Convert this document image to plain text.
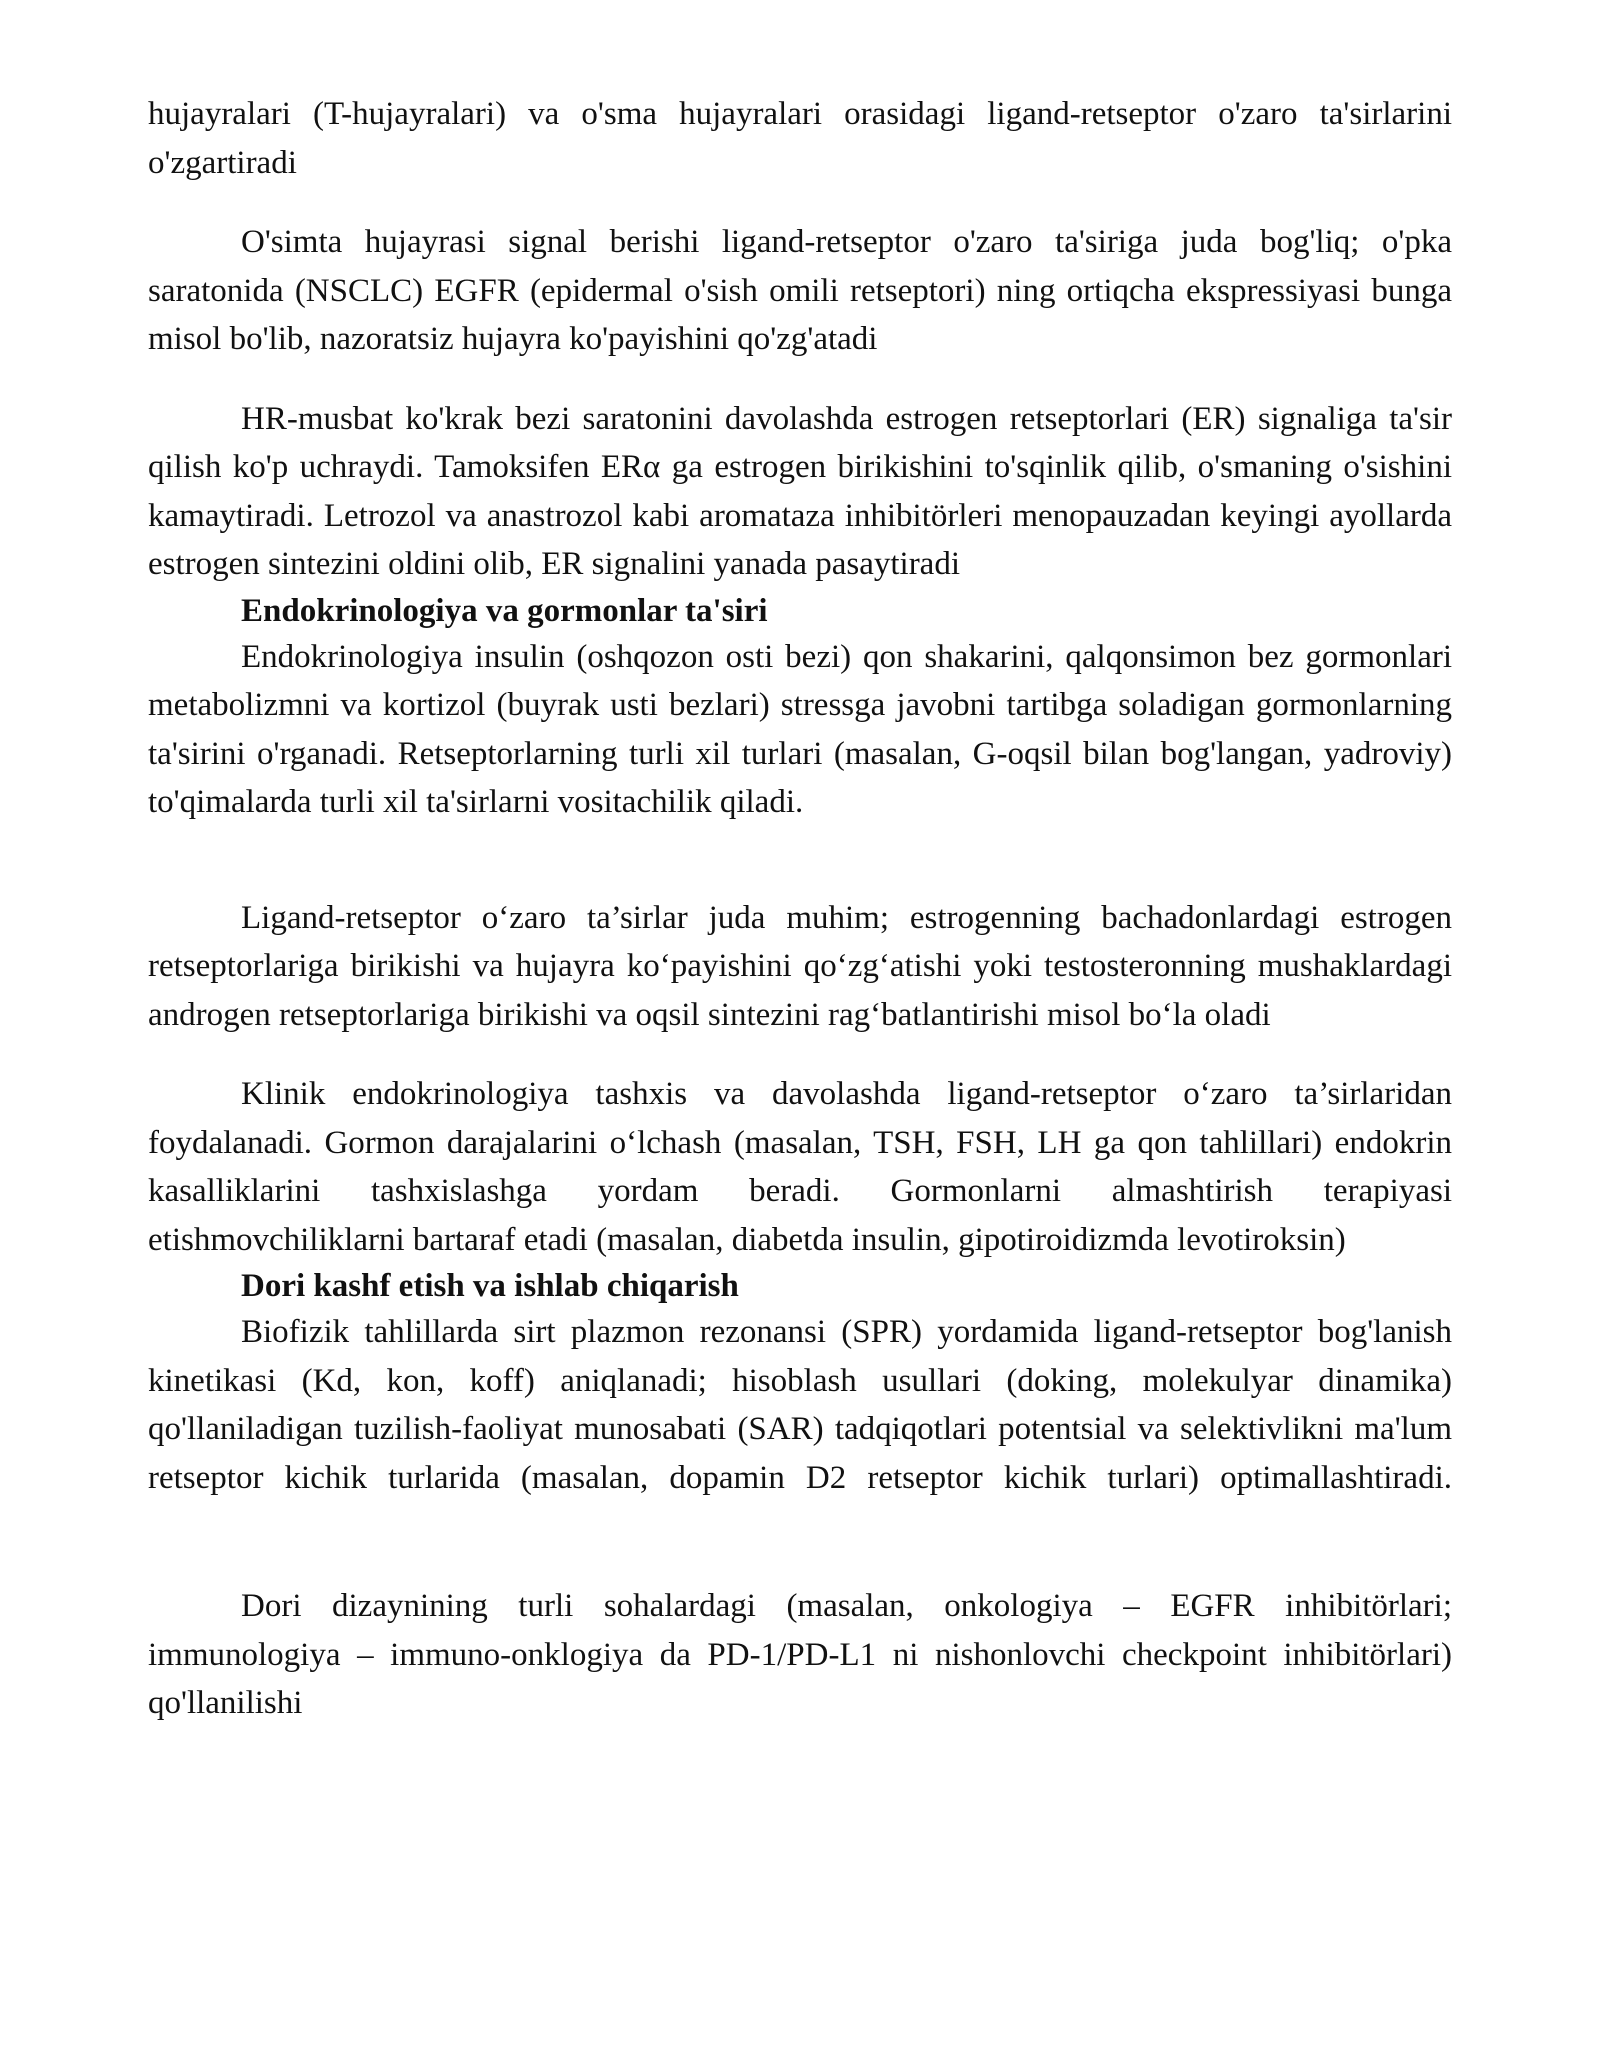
hujayralari (T-hujayralari) va o'sma hujayralari orasidagi ligand-retseptor o'zaro ta'sirlarini o'zgartiradi

O'simta hujayrasi signal berishi ligand-retseptor o'zaro ta'siriga juda bog'liq; o'pka saratonida (NSCLC) EGFR (epidermal o'sish omili retseptori) ning ortiqcha ekspressiyasi bunga misol bo'lib, nazoratsiz hujayra ko'payishini qo'zg'atadi

HR-musbat ko'krak bezi saratonini davolashda estrogen retseptorlari (ER) signaliga ta'sir qilish ko'p uchraydi. Tamoksifen ERα ga estrogen birikishini to'sqinlik qilib, o'smaning o'sishini kamaytiradi. Letrozol va anastrozol kabi aromataza inhibitörleri menopauzadan keyingi ayollarda estrogen sintezini oldini olib, ER signalini yanada pasaytiradi

Endokrinologiya va gormonlar ta'siri

Endokrinologiya insulin (oshqozon osti bezi) qon shakarini, qalqonsimon bez gormonlari metabolizmni va kortizol (buyrak usti bezlari) stressga javobni tartibga soladigan gormonlarning ta'sirini o'rganadi. Retseptorlarning turli xil turlari (masalan, G-oqsil bilan bog'langan, yadroviy) to'qimalarda turli xil ta'sirlarni vositachilik qiladi.

Ligand-retseptor o‘zaro ta’sirlar juda muhim; estrogenning bachadonlardagi estrogen retseptorlariga birikishi va hujayra ko‘payishini qo‘zg‘atishi yoki testosteronning mushaklardagi androgen retseptorlariga birikishi va oqsil sintezini rag‘batlantirishi misol bo‘la oladi

Klinik endokrinologiya tashxis va davolashda ligand-retseptor o‘zaro ta’sirlaridan foydalanadi. Gormon darajalarini o‘lchash (masalan, TSH, FSH, LH ga qon tahlillari) endokrin kasalliklarini tashxislashga yordam beradi. Gormonlarni almashtirish terapiyasi etishmovchiliklarni bartaraf etadi (masalan, diabetda insulin, gipotiroidizmda levotiroksin)

Dori kashf etish va ishlab chiqarish

Biofizik tahlillarda sirt plazmon rezonansi (SPR) yordamida ligand-retseptor bog'lanish kinetikasi (Kd, kon, koff) aniqlanadi; hisoblash usullari (doking, molekulyar dinamika) qo'llaniladigan tuzilish-faoliyat munosabati (SAR) tadqiqotlari potentsial va selektivlikni ma'lum retseptor kichik turlarida (masalan, dopamin D2 retseptor kichik turlari) optimallashtiradi.

Dori dizaynining turli sohalardagi (masalan, onkologiya – EGFR inhibitörlari; immunologiya – immuno-onklogiya da PD-1/PD-L1 ni nishonlovchi checkpoint inhibitörlari) qo'llanilishi
